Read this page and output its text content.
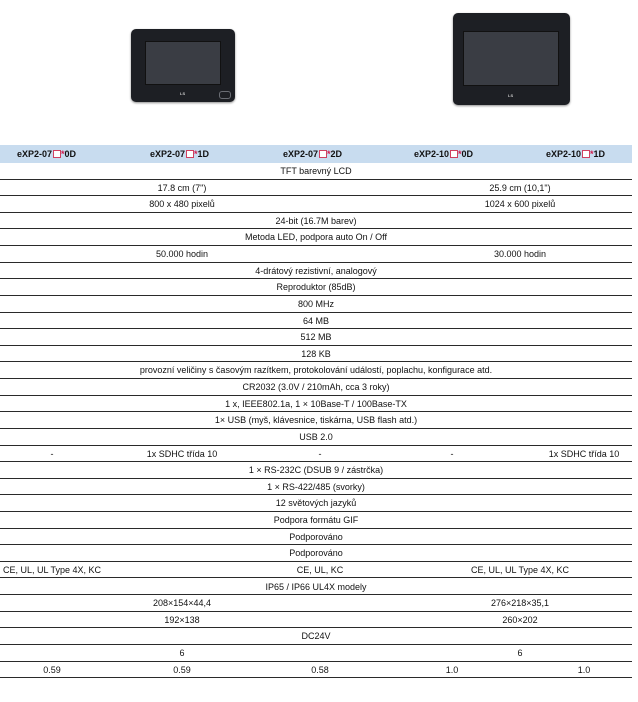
LS	LS
eXP2-07 *0D	eXP2-07 *1D	eXP2-07 *2D	eXP2-10 *0D	eXP2-10 *1D
TFT barevný LCD
17.8 cm (7")	25.9 cm (10,1")
800 x 480 pixelů	1024 x 600 pixelů
24-bit (16.7M barev)
Metoda LED, podpora auto On / Off
50.000 hodin	30.000 hodin
4-drátový rezistivní, analogový
Reproduktor (85dB)
800 MHz
64 MB
512 MB
128 KB
provozní veličiny s časovým razítkem, protokolování událostí, poplachu, konfigurace atd.
CR2032 (3.0V / 210mAh, cca 3 roky)
1 x, IEEE802.1a, 1 × 10Base-T / 100Base-TX
1× USB (myš, klávesnice, tiskárna, USB flash atd.)
USB 2.0
-	1x SDHC třída 10	-	-	1x SDHC třída 10
1 × RS-232C (DSUB 9 / zástrčka)
1 × RS-422/485 (svorky)
12 světových jazyků
Podpora formátu GIF
Podporováno
Podporováno
CE, UL, UL Type 4X, KC	CE, UL, KC	CE, UL, UL Type 4X, KC
IP65 / IP66 UL4X modely
208×154×44,4	276×218×35,1
192×138	260×202
DC24V
6	6
0.59	0.59	0.58	1.0	1.0
